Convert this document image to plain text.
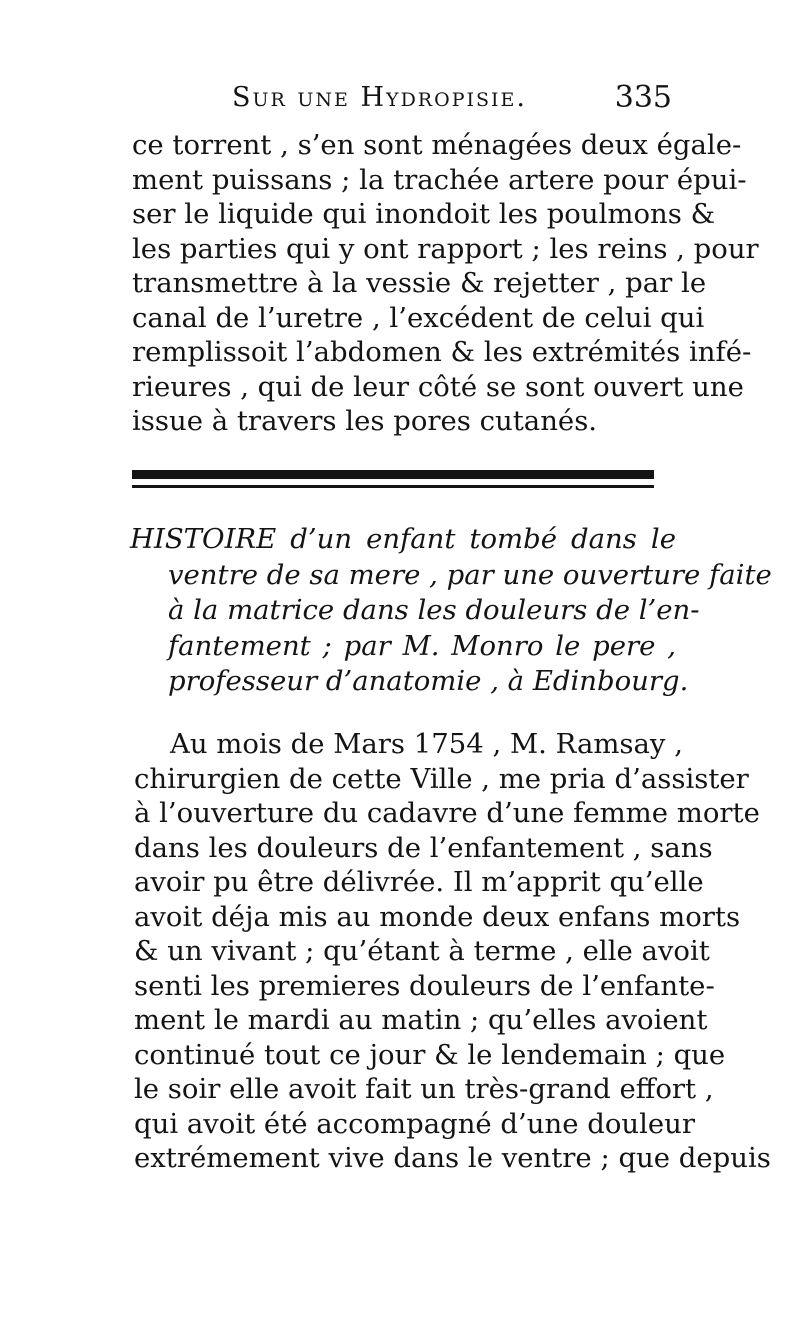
Sur une Hydropisie.	335
ce torrent , s’en sont ménagées deux égale-
ment puissans ; la trachée artere pour épui-
ser le liquide qui inondoit les poulmons &
les parties qui y ont rapport ; les reins , pour
transmettre à la vessie & rejetter , par le
canal de l’uretre , l’excédent de celui qui
remplissoit l’abdomen & les extrémités infé-
rieures , qui de leur côté se sont ouvert une
issue à travers les pores cutanés.
HISTOIRE d’un enfant tombé dans le
ventre de sa mere , par une ouverture faite
à la matrice dans les douleurs de l’en-
fantement ; par M. Monro le pere ,
professeur d’anatomie , à Edinbourg.
Au mois de Mars 1754 , M. Ramsay ,
chirurgien de cette Ville , me pria d’assister
à l’ouverture du cadavre d’une femme morte
dans les douleurs de l’enfantement , sans
avoir pu être délivrée. Il m’apprit qu’elle
avoit déja mis au monde deux enfans morts
& un vivant ; qu’étant à terme , elle avoit
senti les premieres douleurs de l’enfante-
ment le mardi au matin ; qu’elles avoient
continué tout ce jour & le lendemain ; que
le soir elle avoit fait un très-grand effort ,
qui avoit été accompagné d’une douleur
extrémement vive dans le ventre ; que depuis
